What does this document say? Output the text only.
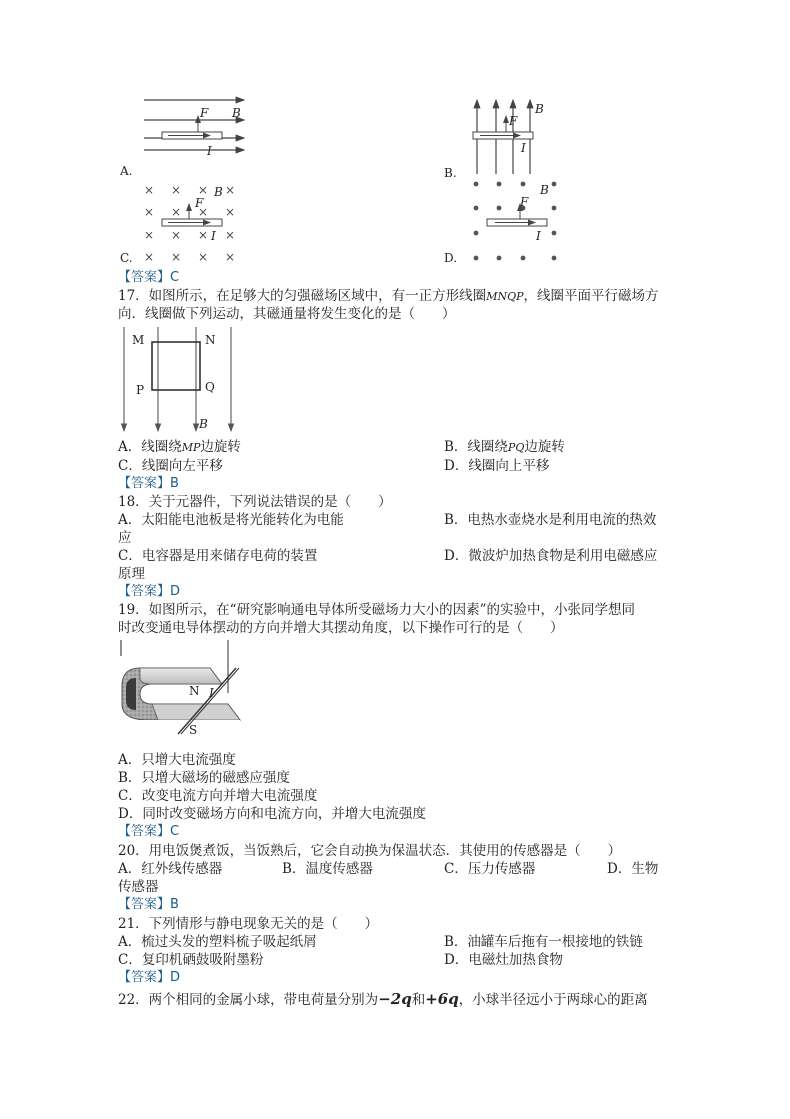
F B
I
A.
B
F
I
B.
× × × ×
× × × ×
× × × ×
× × × ×
B
F
I
C.
B
F
I
D.
【答案】C
17．如图所示，在足够大的匀强磁场区域中，有一正方形线圈MNQP，线圈平面平行磁场方
向．线圈做下列运动，其磁通量将发生变化的是（　　）
M	N
P	Q
B
A．线圈绕MP边旋转	B．线圈绕PQ边旋转
C．线圈向左平移	D．线圈向上平移
【答案】B
18．关于元器件，下列说法错误的是（　　）
A．太阳能电池板是将光能转化为电能	B．电热水壶烧水是利用电流的热效
应
C．电容器是用来储存电荷的装置	D．微波炉加热食物是利用电磁感应
原理
【答案】D
19．如图所示，在“研究影响通电导体所受磁场力大小的因素”的实验中，小张同学想同
时改变通电导体摆动的方向并增大其摆动角度，以下操作可行的是（　　）
N I
S
A．只增大电流强度
B．只增大磁场的磁感应强度
C．改变电流方向并增大电流强度
D．同时改变磁场方向和电流方向，并增大电流强度
【答案】C
20．用电饭煲煮饭，当饭熟后，它会自动换为保温状态．其使用的传感器是（　　）
A．红外线传感器	B．温度传感器	C．压力传感器	D．生物
传感器
【答案】B
21．下列情形与静电现象无关的是（　　）
A．梳过头发的塑料梳子吸起纸屑	B．油罐车后拖有一根接地的铁链
C．复印机硒鼓吸附墨粉	D．电磁灶加热食物
【答案】D
22．两个相同的金属小球，带电荷量分别为−2q和+6q，小球半径远小于两球心的距离
